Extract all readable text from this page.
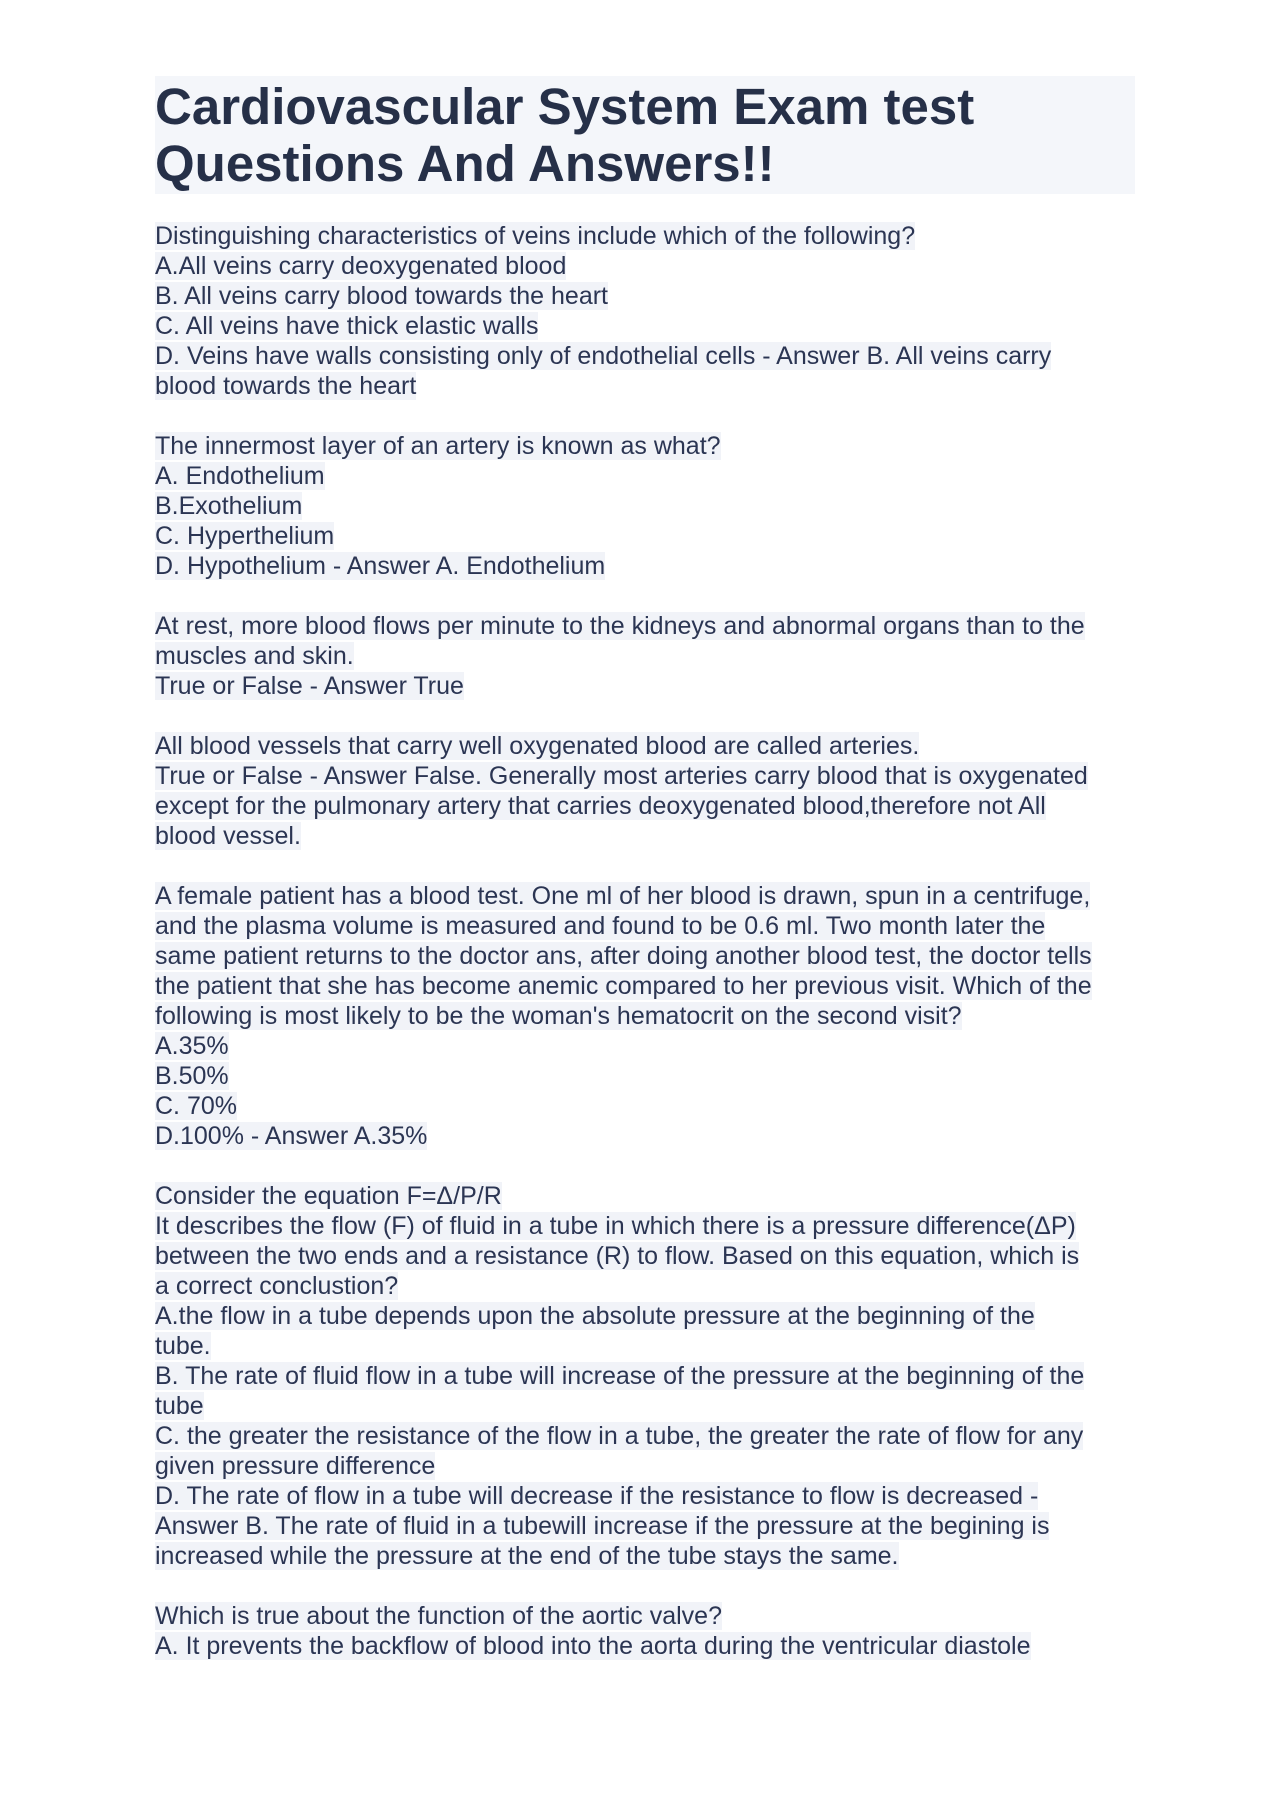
Cardiovascular System Exam test Questions And Answers!!
Distinguishing characteristics of veins include which of the following?
A.All veins carry deoxygenated blood
B. All veins carry blood towards the heart
C. All veins have thick elastic walls
D. Veins have walls consisting only of endothelial cells - Answer B. All veins carry
blood towards the heart
The innermost layer of an artery is known as what?
A. Endothelium
B.Exothelium
C. Hyperthelium
D. Hypothelium - Answer A. Endothelium
At rest, more blood flows per minute to the kidneys and abnormal organs than to the
muscles and skin.
True or False - Answer True
All blood vessels that carry well oxygenated blood are called arteries.
True or False - Answer False. Generally most arteries carry blood that is oxygenated
except for the pulmonary artery that carries deoxygenated blood,therefore not All
blood vessel.
A female patient has a blood test. One ml of her blood is drawn, spun in a centrifuge,
and the plasma volume is measured and found to be 0.6 ml. Two month later the
same patient returns to the doctor ans, after doing another blood test, the doctor tells
the patient that she has become anemic compared to her previous visit. Which of the
following is most likely to be the woman's hematocrit on the second visit?
A.35%
B.50%
C. 70%
D.100% - Answer A.35%
Consider the equation F=Δ/P/R
It describes the flow (F) of fluid in a tube in which there is a pressure difference(ΔP)
between the two ends and a resistance (R) to flow. Based on this equation, which is
a correct conclustion?
A.the flow in a tube depends upon the absolute pressure at the beginning of the
tube.
B. The rate of fluid flow in a tube will increase of the pressure at the beginning of the
tube
C. the greater the resistance of the flow in a tube, the greater the rate of flow for any
given pressure difference
D. The rate of flow in a tube will decrease if the resistance to flow is decreased -
Answer B. The rate of fluid in a tubewill increase if the pressure at the begining is
increased while the pressure at the end of the tube stays the same.
Which is true about the function of the aortic valve?
A. It prevents the backflow of blood into the aorta during the ventricular diastole
